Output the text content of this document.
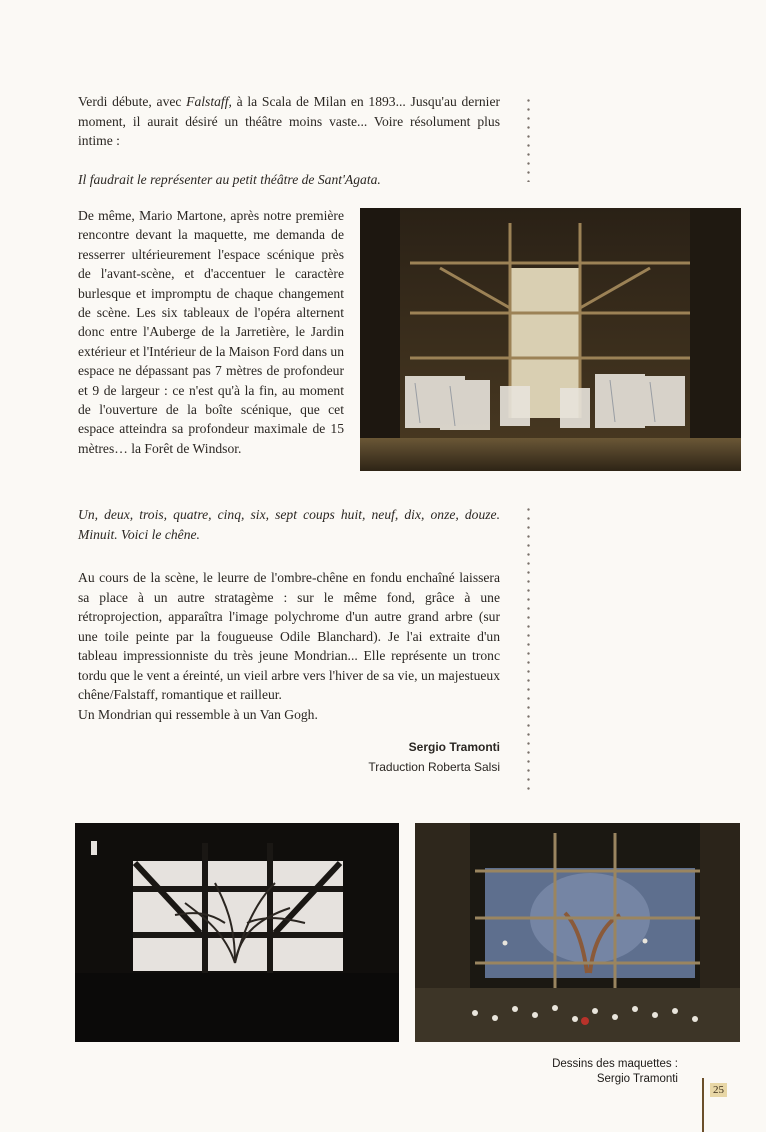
Verdi débute, avec Falstaff, à la Scala de Milan en 1893... Jusqu'au dernier moment, il aurait désiré un théâtre moins vaste... Voire résolument plus intime :
Il faudrait le représenter au petit théâtre de Sant'Agata.
De même, Mario Martone, après notre première rencontre devant la maquette, me demanda de resserrer ultérieurement l'espace scénique près de l'avant-scène, et d'accentuer le caractère burlesque et impromptu de chaque changement de scène. Les six tableaux de l'opéra alternent donc entre l'Auberge de la Jarretière, le Jardin extérieur et l'Intérieur de la Maison Ford dans un espace ne dépassant pas 7 mètres de profondeur et 9 de largeur : ce n'est qu'à la fin, au moment de l'ouverture de la boîte scénique, que cet espace atteindra sa profondeur maximale de 15 mètres… la Forêt de Windsor.
Un, deux, trois, quatre, cinq, six, sept coups huit, neuf, dix, onze, douze. Minuit. Voici le chêne.
Au cours de la scène, le leurre de l'ombre-chêne en fondu enchaîné laissera sa place à un autre stratagème : sur le même fond, grâce à une rétroprojection, apparaîtra l'image polychrome d'un autre grand arbre (sur une toile peinte par la fougueuse Odile Blanchard). Je l'ai extraite d'un tableau impressionniste du très jeune Mondrian... Elle représente un tronc tordu que le vent a éreinté, un vieil arbre vers l'hiver de sa vie, un majestueux chêne/Falstaff, romantique et railleur.
Un Mondrian qui ressemble à un Van Gogh.
Sergio Tramonti
Traduction Roberta Salsi
Dessins des maquettes :
Sergio Tramonti
25
